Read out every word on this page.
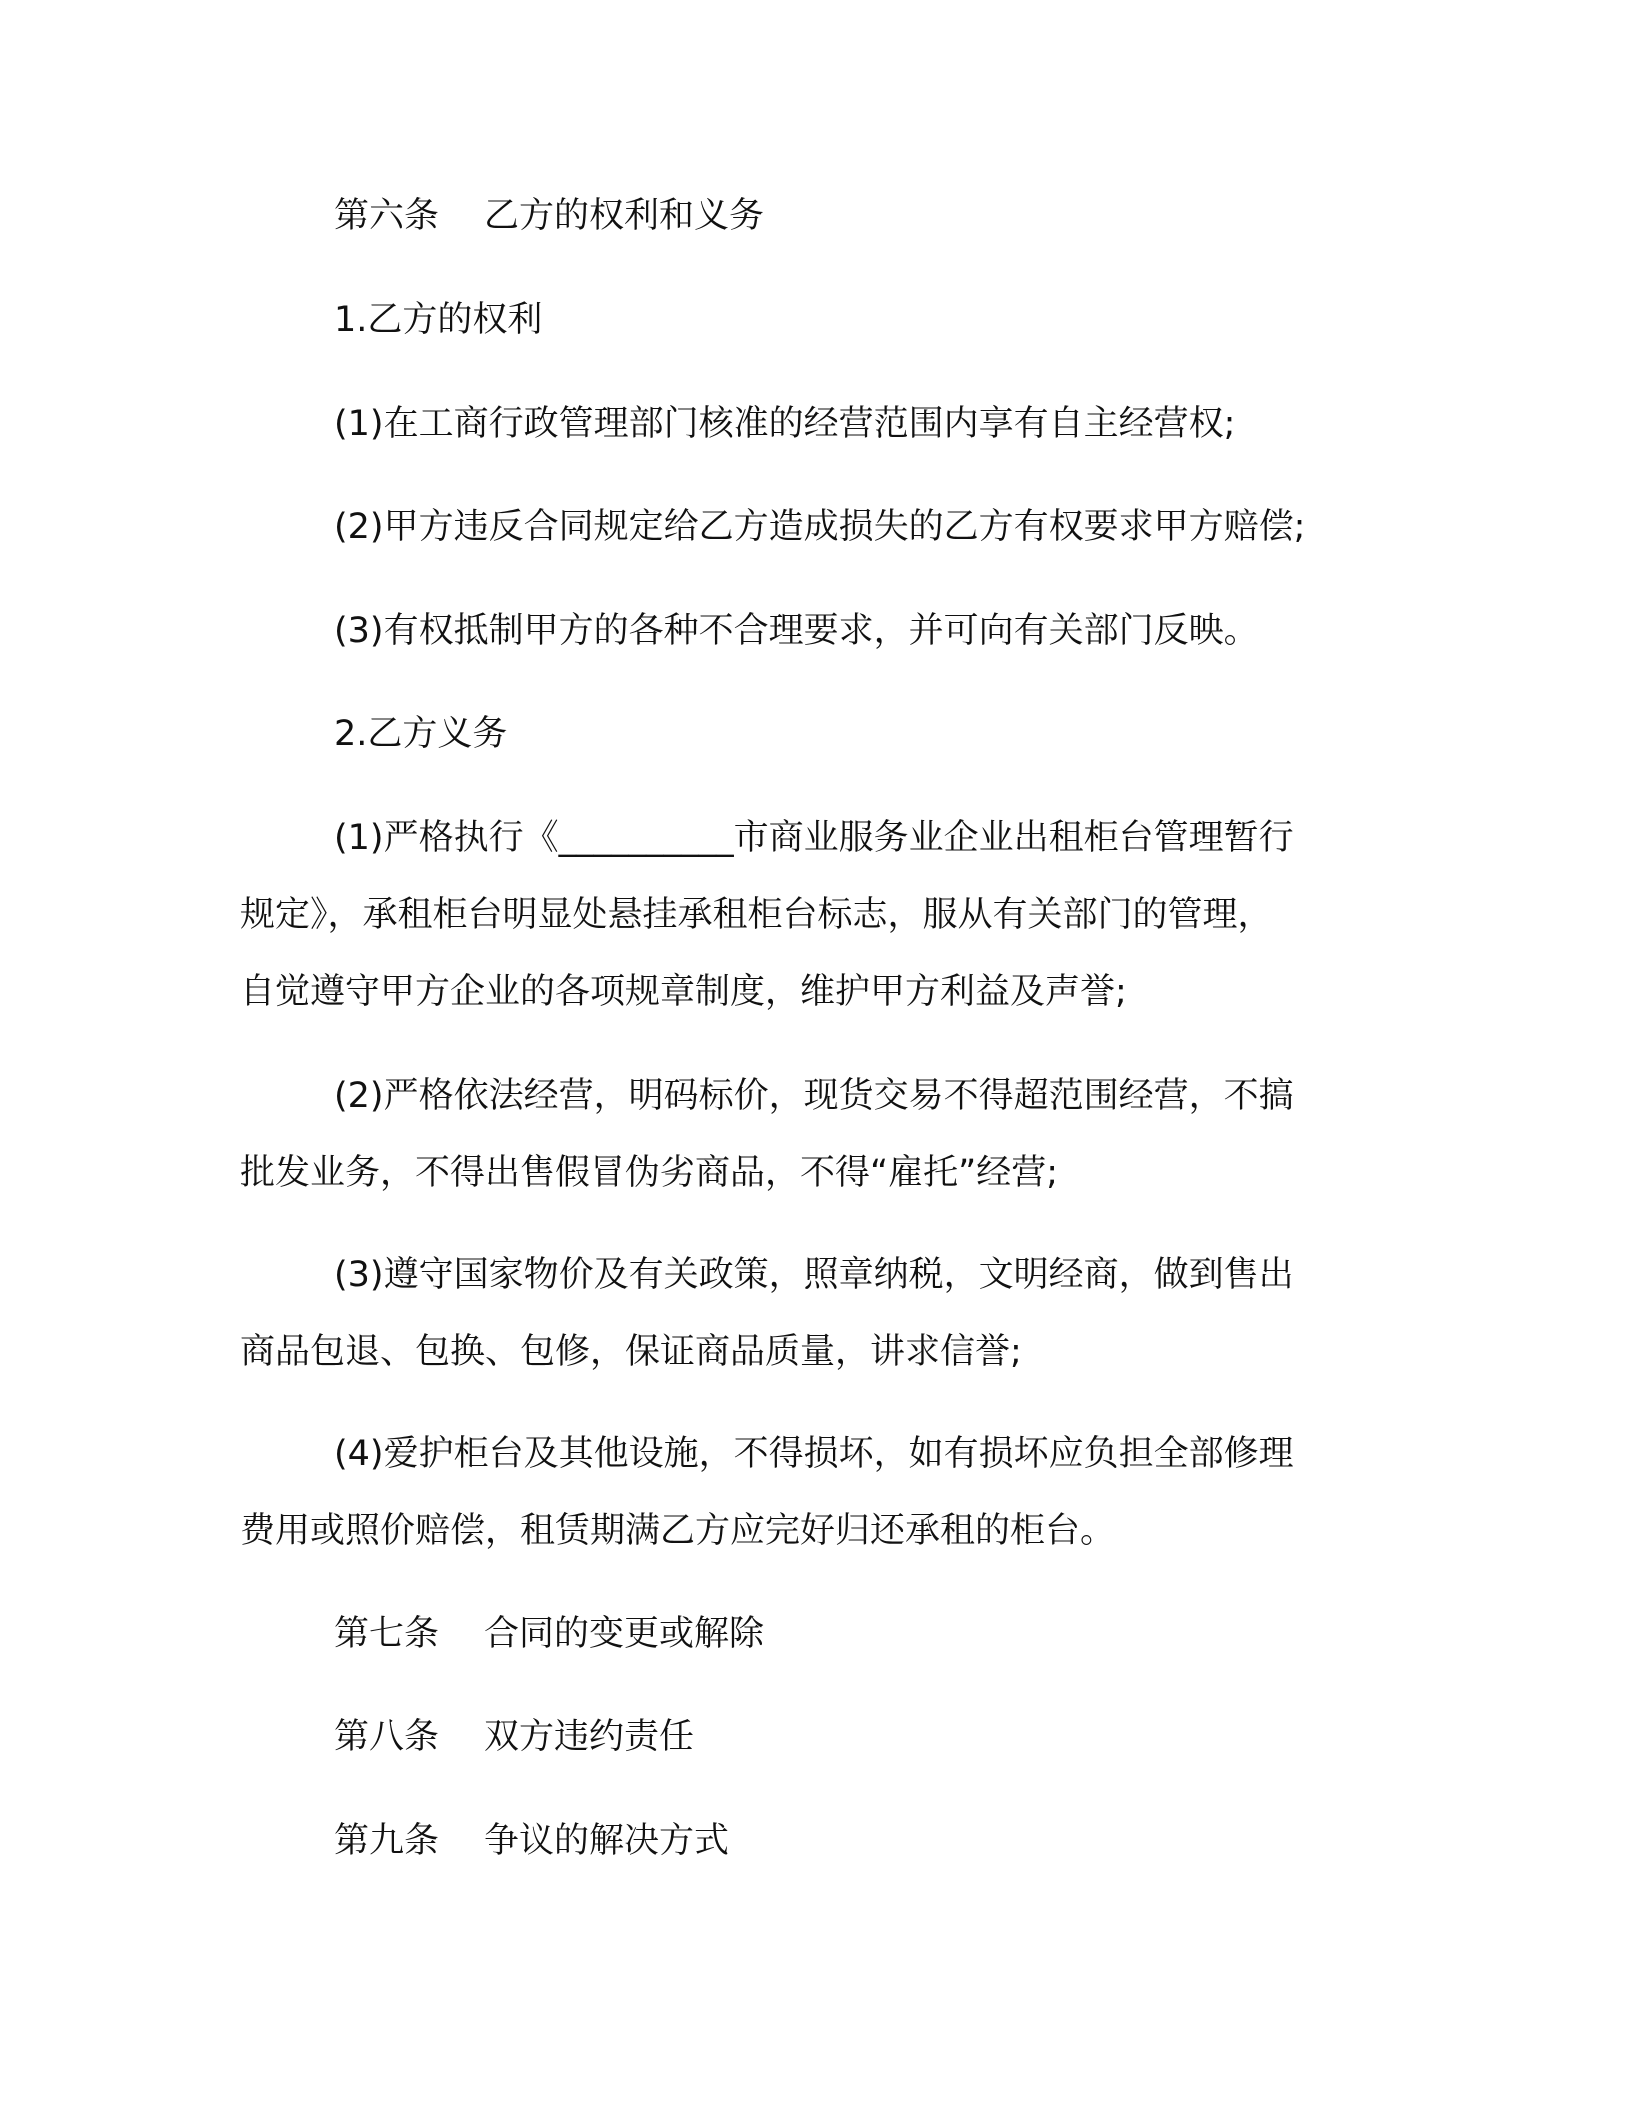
第六条 乙方的权利和义务

1.乙方的权利

(1)在工商行政管理部门核准的经营范围内享有自主经营权;

(2)甲方违反合同规定给乙方造成损失的乙方有权要求甲方赔偿;

(3)有权抵制甲方的各种不合理要求，并可向有关部门反映。

2.乙方义务

(1)严格执行《__________市商业服务业企业出租柜台管理暂行
规定》，承租柜台明显处悬挂承租柜台标志，服从有关部门的管理，
自觉遵守甲方企业的各项规章制度，维护甲方利益及声誉;
(2)严格依法经营，明码标价，现货交易不得超范围经营，不搞
批发业务，不得出售假冒伪劣商品，不得“雇托”经营;
(3)遵守国家物价及有关政策，照章纳税，文明经商，做到售出
商品包退、包换、包修，保证商品质量，讲求信誉;
(4)爱护柜台及其他设施，不得损坏，如有损坏应负担全部修理
费用或照价赔偿，租赁期满乙方应完好归还承租的柜台。

第七条 合同的变更或解除

第八条 双方违约责任

第九条 争议的解决方式
